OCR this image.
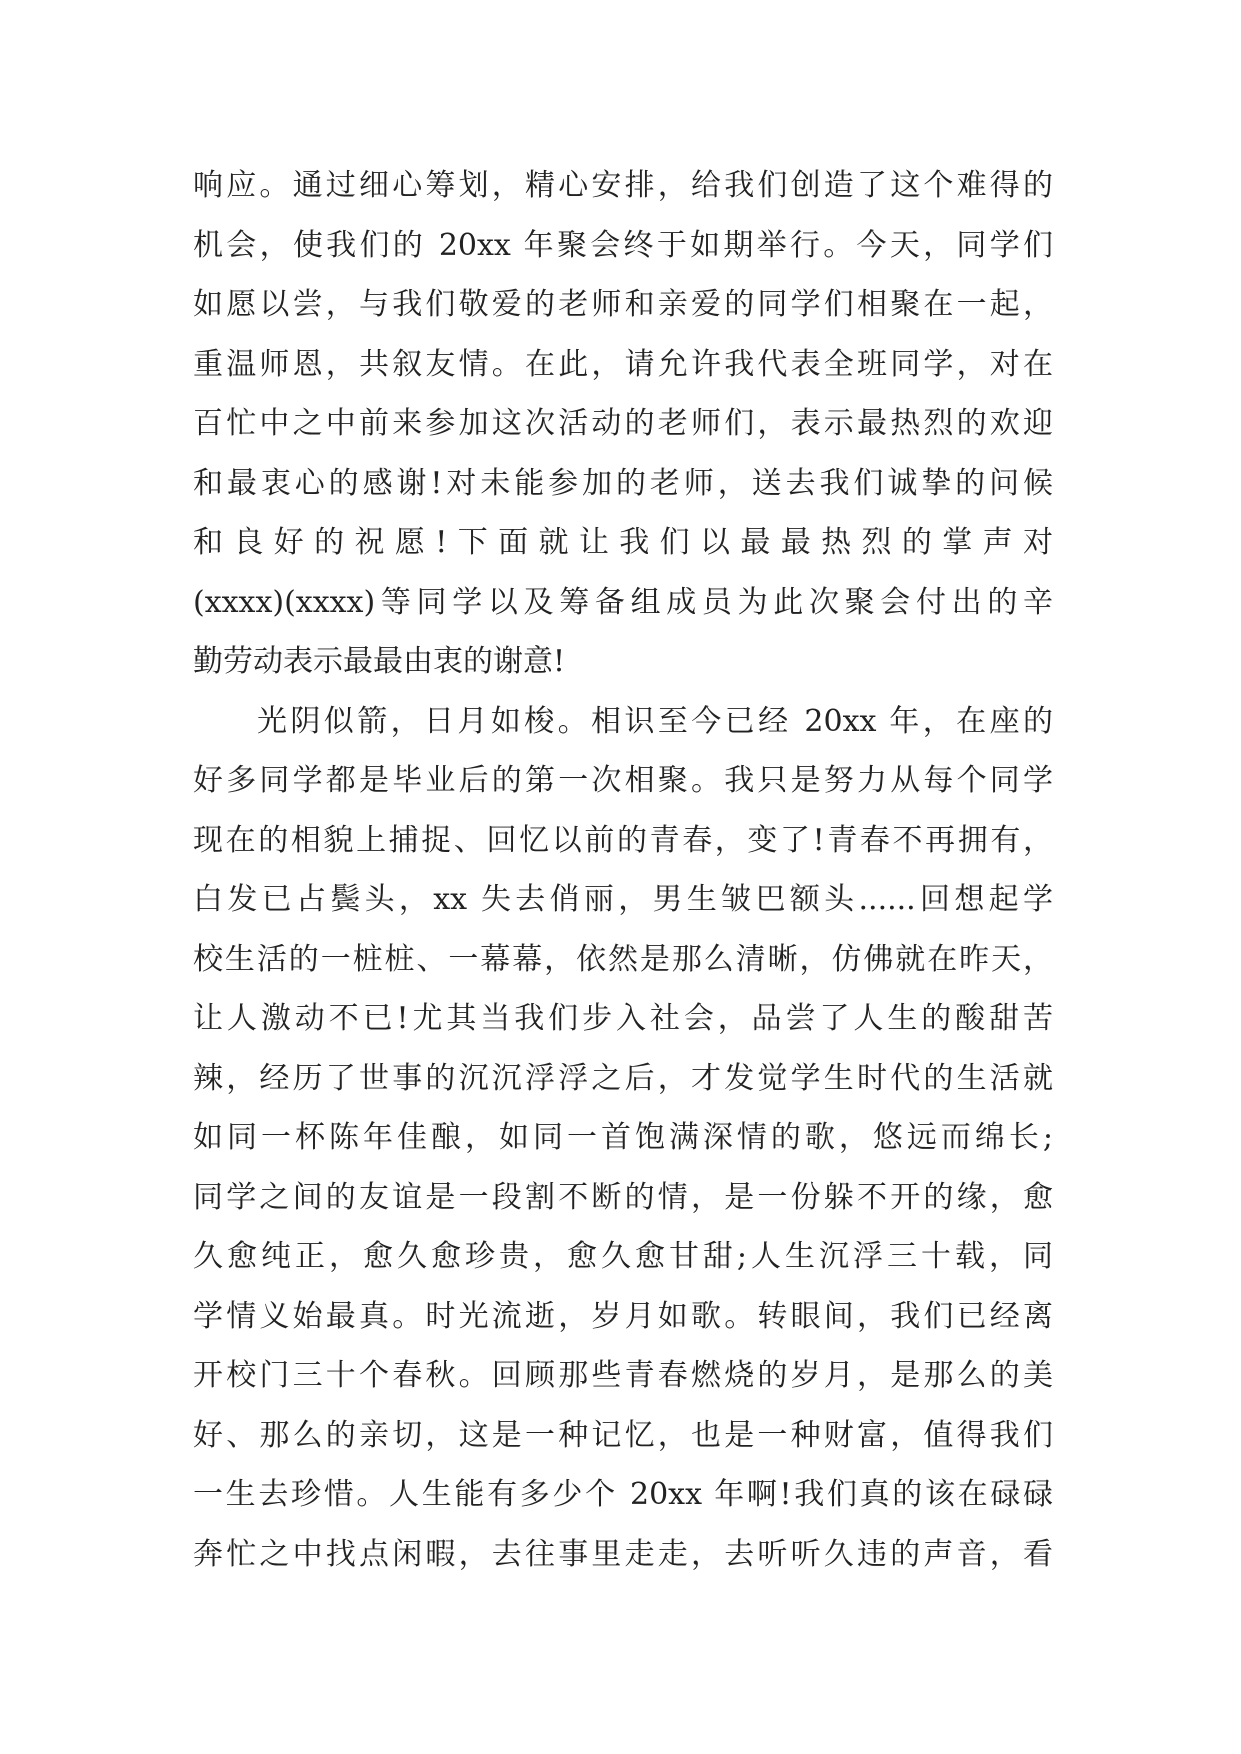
响应。通过细心筹划，精心安排，给我们创造了这个难得的
机会，使我们的 20xx 年聚会终于如期举行。今天，同学们
如愿以尝，与我们敬爱的老师和亲爱的同学们相聚在一起，
重温师恩，共叙友情。在此，请允许我代表全班同学，对在
百忙中之中前来参加这次活动的老师们，表示最热烈的欢迎
和最衷心的感谢!对未能参加的老师，送去我们诚挚的问候
和良好的祝愿!下面就让我们以最最热烈的掌声对
(xxxx)(xxxx)等同学以及筹备组成员为此次聚会付出的辛
勤劳动表示最最由衷的谢意!
光阴似箭，日月如梭。相识至今已经 20xx 年，在座的
好多同学都是毕业后的第一次相聚。我只是努力从每个同学
现在的相貌上捕捉、回忆以前的青春，变了!青春不再拥有，
白发已占鬓头，xx 失去俏丽，男生皱巴额头......回想起学
校生活的一桩桩、一幕幕，依然是那么清晰，仿佛就在昨天，
让人激动不已!尤其当我们步入社会，品尝了人生的酸甜苦
辣，经历了世事的沉沉浮浮之后，才发觉学生时代的生活就
如同一杯陈年佳酿，如同一首饱满深情的歌，悠远而绵长;
同学之间的友谊是一段割不断的情，是一份躲不开的缘，愈
久愈纯正，愈久愈珍贵，愈久愈甘甜;人生沉浮三十载，同
学情义始最真。时光流逝，岁月如歌。转眼间，我们已经离
开校门三十个春秋。回顾那些青春燃烧的岁月，是那么的美
好、那么的亲切，这是一种记忆，也是一种财富，值得我们
一生去珍惜。人生能有多少个 20xx 年啊!我们真的该在碌碌
奔忙之中找点闲暇，去往事里走走，去听听久违的声音，看
